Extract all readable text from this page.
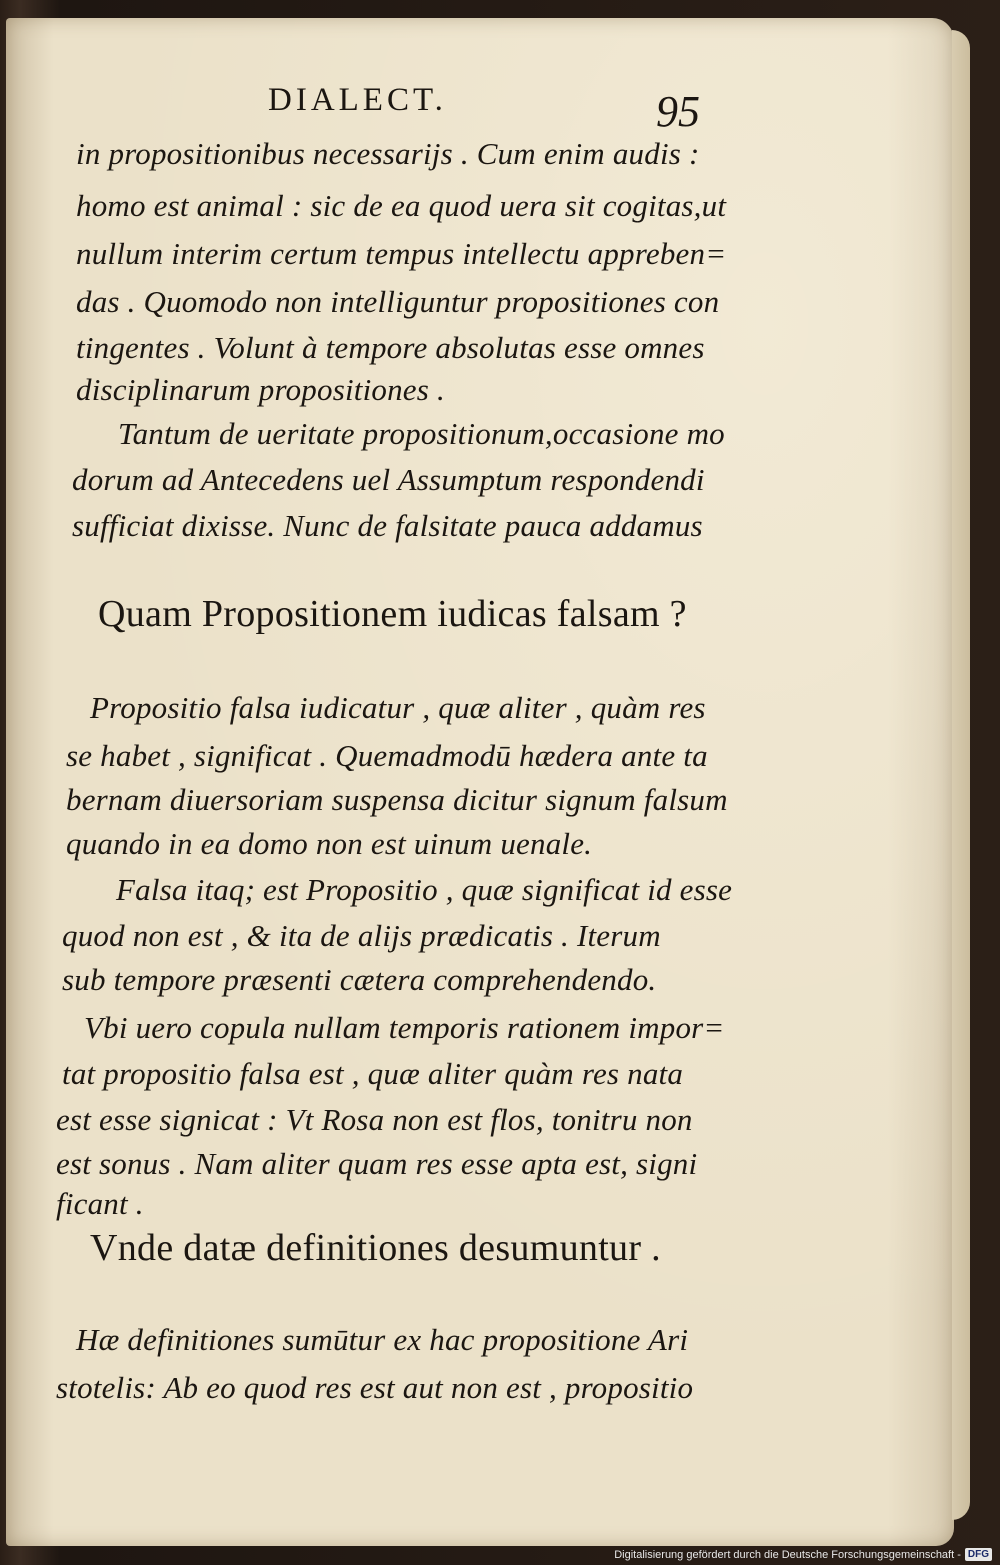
DIALECT.	95
in propositionibus necessarijs . Cum enim audis :
homo est animal : sic de ea quod uera sit cogitas,ut
nullum interim certum tempus intellectu appreben=
das . Quomodo non intelliguntur propositiones con
tingentes . Volunt à tempore absolutas esse omnes
disciplinarum propositiones .
Tantum de ueritate propositionum,occasione mo
dorum ad Antecedens uel Assumptum respondendi
sufficiat dixisse. Nunc de falsitate pauca addamus
Quam Propositionem iudicas falsam ?
Propositio falsa iudicatur , quæ aliter , quàm res
se habet , significat . Quemadmodū hædera ante ta
bernam diuersoriam suspensa dicitur signum falsum
quando in ea domo non est uinum uenale.
Falsa itaq; est Propositio , quæ significat id esse
quod non est , & ita de alijs prædicatis . Iterum
sub tempore præsenti cætera comprehendendo.
Vbi uero copula nullam temporis rationem impor=
tat propositio falsa est , quæ aliter quàm res nata
est esse signicat : Vt Rosa non est flos, tonitru non
est sonus . Nam aliter quam res esse apta est, signi
ficant .
Vnde datæ definitiones desumuntur .
Hæ definitiones sumūtur ex hac propositione Ari
stotelis: Ab eo quod res est aut non est , propositio
Digitalisierung gefördert durch die Deutsche Forschungsgemeinschaft - DFG
